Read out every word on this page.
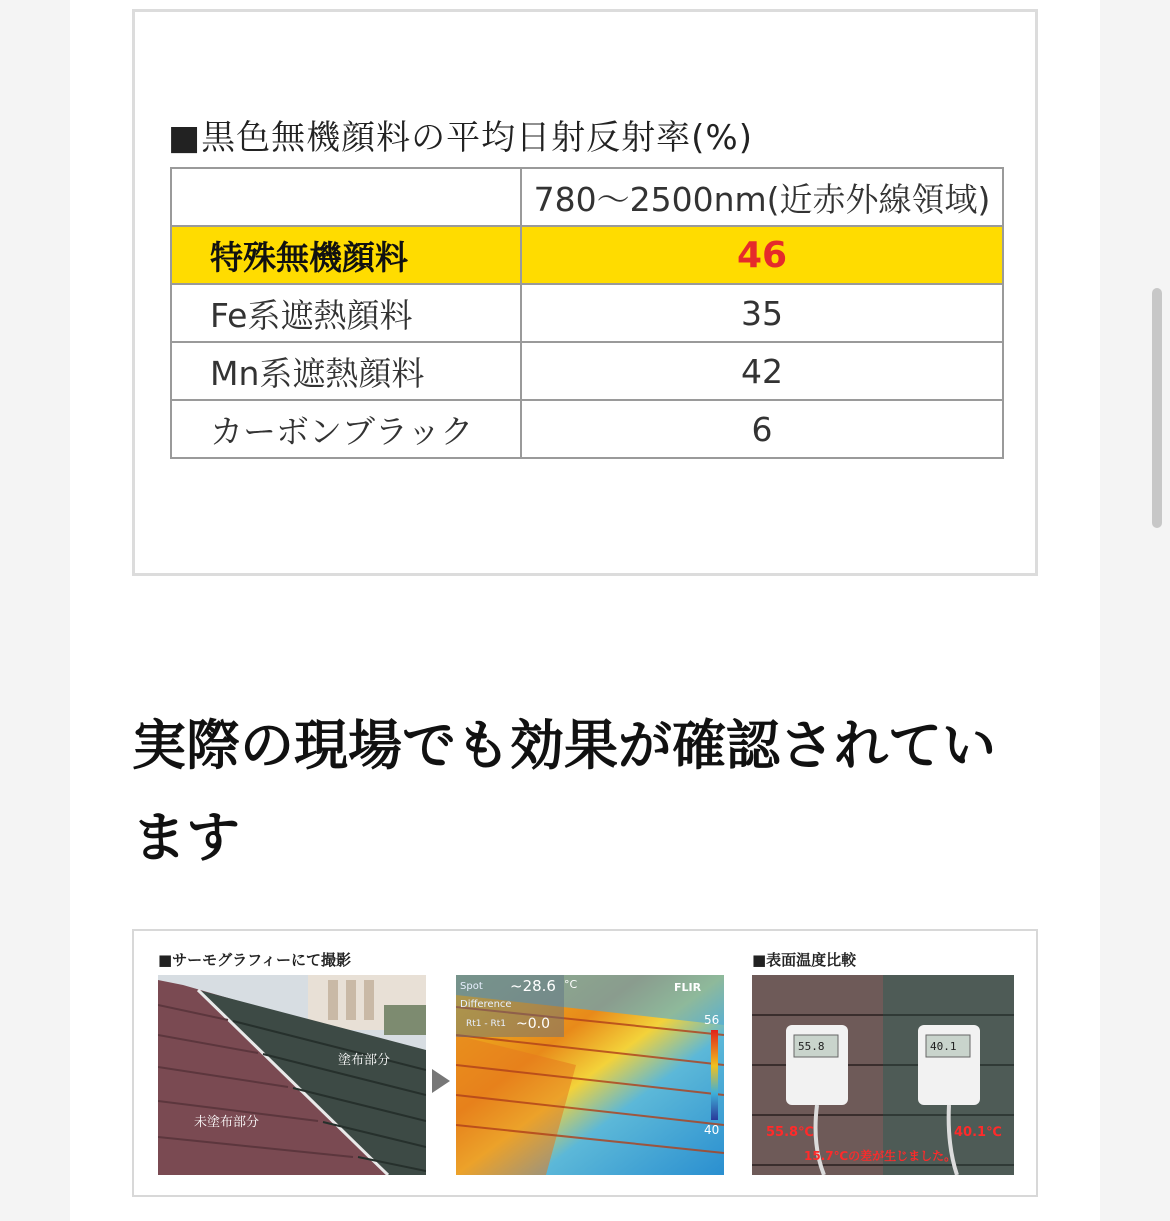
■黒色無機顔料の平均日射反射率(%)
	780〜2500nm(近赤外線領域)
特殊無機顔料	46
Fe系遮熱顔料	35
Mn系遮熱顔料	42
カーボンブラック	6
実際の現場でも効果が確認されています
■サーモグラフィーにて撮影	■表面温度比較
塗布部分
未塗布部分
Spot ~28.6 °C
Difference
Rt1 - Rt1 ~0.0
FLIR
56
40
55.8	40.1
55.8℃	40.1℃
15.7℃の差が生じました。
